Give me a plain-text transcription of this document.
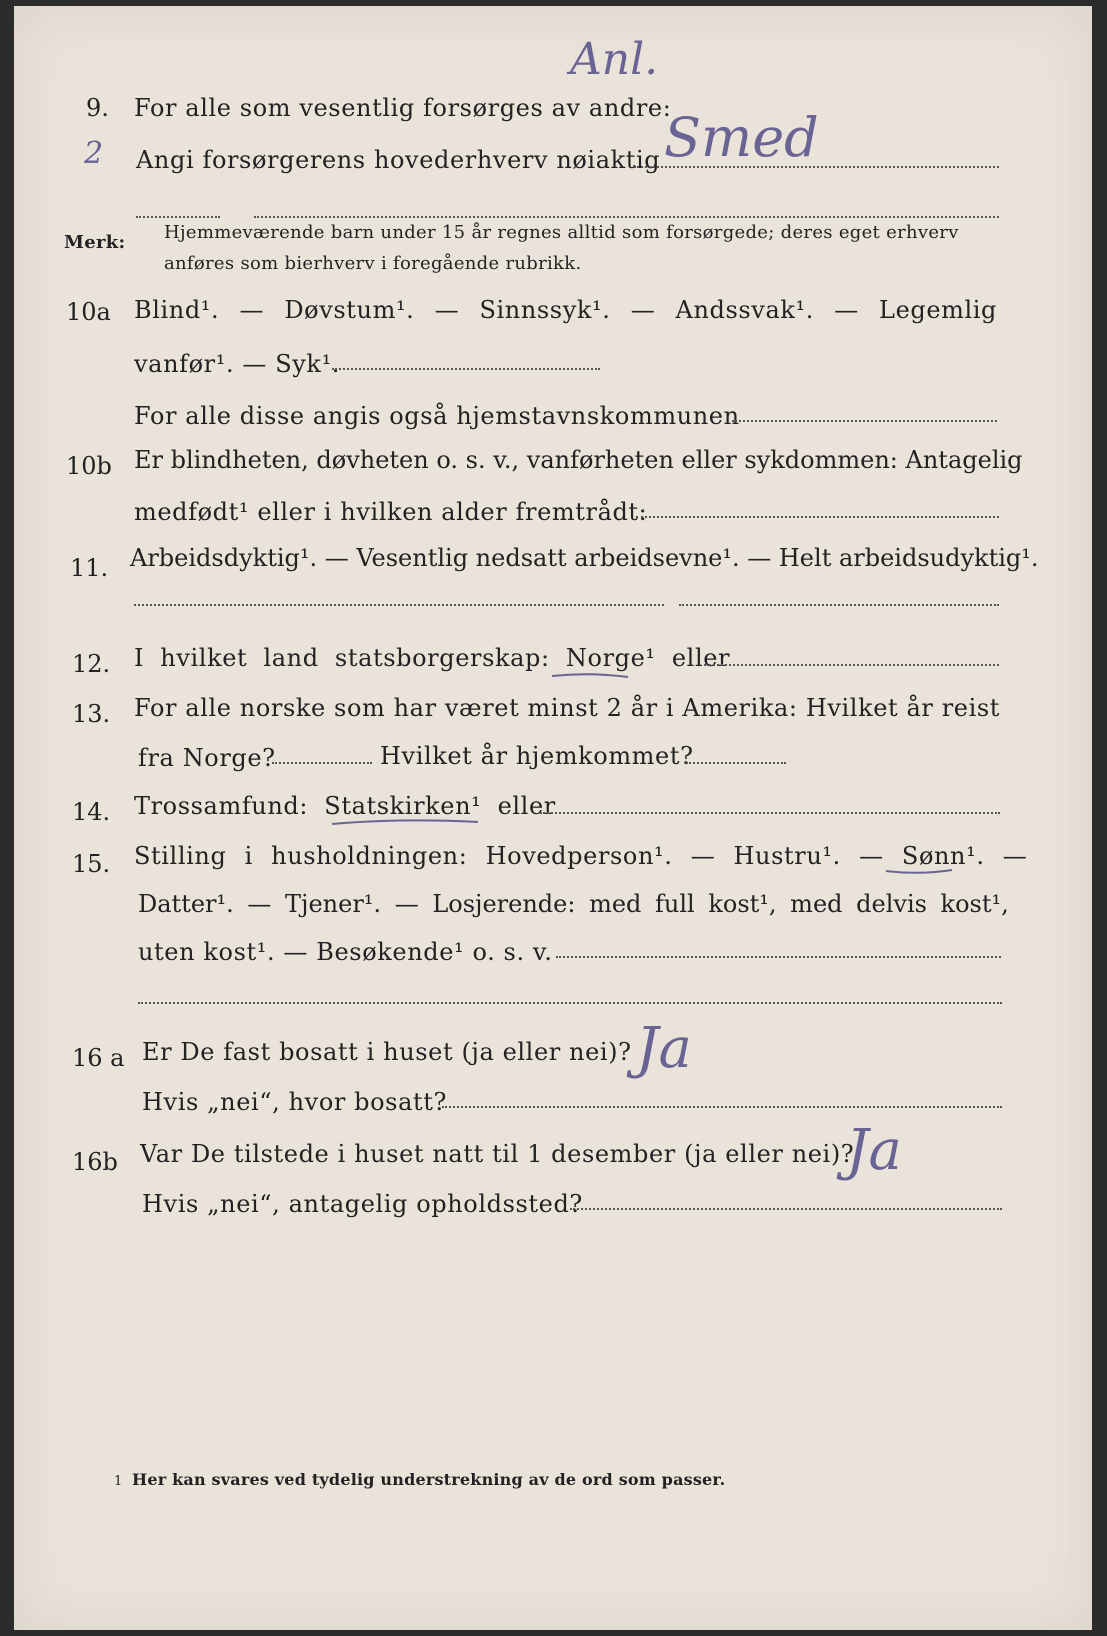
Anl.
9. For alle som vesentlig forsørges av andre:
2 Angi forsørgerens hovederhverv nøiaktig Smed
Merk: Hjemmeværende barn under 15 år regnes alltid som forsørgede; deres eget erhverv
anføres som bierhverv i foregående rubrikk.
10a Blind¹. — Døvstum¹. — Sinnssyk¹. — Andssvak¹. — Legemlig
vanfør¹. — Syk¹.
For alle disse angis også hjemstavnskommunen
10b Er blindheten, døvheten o. s. v., vanførheten eller sykdommen: Antagelig
medfødt¹ eller i hvilken alder fremtrådt:
11. Arbeidsdyktig¹. — Vesentlig nedsatt arbeidsevne¹. — Helt arbeidsudyktig¹.
12. I hvilket land statsborgerskap: Norge¹ eller
13. For alle norske som har været minst 2 år i Amerika: Hvilket år reist
fra Norge?	Hvilket år hjemkommet?
14. Trossamfund: Statskirken¹ eller
15. Stilling i husholdningen: Hovedperson¹. — Hustru¹. — Sønn¹. —
Datter¹. — Tjener¹. — Losjerende: med full kost¹, med delvis kost¹,
uten kost¹. — Besøkende¹ o. s. v.
16 a Er De fast bosatt i huset (ja eller nei)? Ja
Hvis „nei“, hvor bosatt?
16b Var De tilstede i huset natt til 1 desember (ja eller nei)?
Ja
Hvis „nei“, antagelig opholdssted?
1 Her kan svares ved tydelig understrekning av de ord som passer.
